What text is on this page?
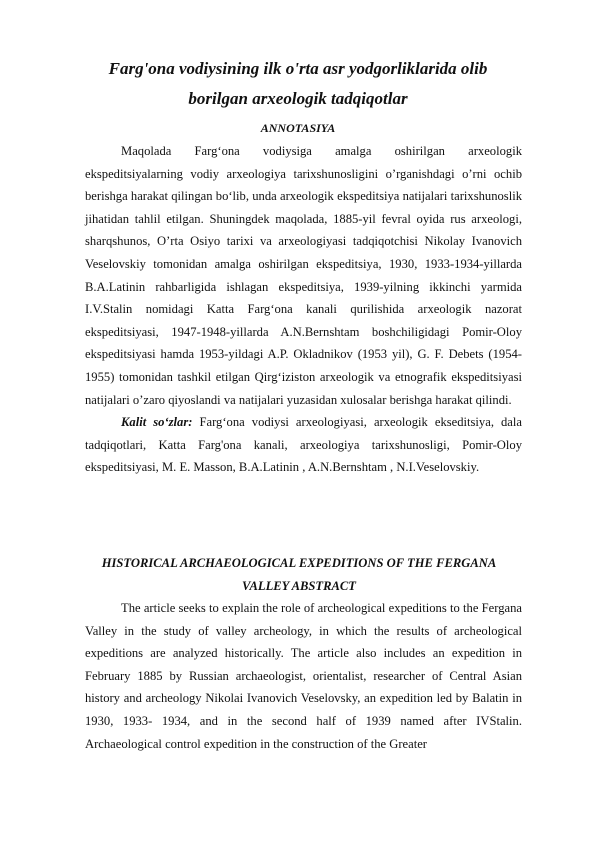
Farg'ona vodiysining ilk o'rta asr yodgorliklarida olib
borilgan arxeologik tadqiqotlar
ANNOTASIYA

Maqolada Farg‘ona vodiysiga amalga oshirilgan arxeologik ekspeditsiyalarning vodiy arxeologiya tarixshunosligini o’rganishdagi o’rni ochib berishga harakat qilingan bo‘lib, unda arxeologik ekspeditsiya natijalari tarixshunoslik jihatidan tahlil etilgan. Shuningdek maqolada, 1885-yil fevral oyida rus arxeologi, sharqshunos, O’rta Osiyo tarixi va arxeologiyasi tadqiqotchisi Nikolay Ivanovich Veselovskiy tomonidan amalga oshirilgan ekspeditsiya, 1930, 1933-1934-yillarda B.A.Latinin rahbarligida ishlagan ekspeditsiya, 1939-yilning ikkinchi yarmida I.V.Stalin nomidagi Katta Farg‘ona kanali qurilishida arxeologik nazorat ekspeditsiyasi, 1947-1948-yillarda A.N.Bernshtam boshchiligidagi Pomir-Oloy ekspeditsiyasi hamda 1953-yildagi A.P. Okladnikov (1953 yil), G. F. Debets (1954-1955) tomonidan tashkil etilgan Qirg‘iziston arxeologik va etnografik ekspeditsiyasi natijalari o’zaro qiyoslandi va natijalari yuzasidan xulosalar berishga harakat qilindi.

Kalit so‘zlar: Farg‘ona vodiysi arxeologiyasi, arxeologik ekseditsiya, dala tadqiqotlari, Katta Farg'ona kanali, arxeologiya tarixshunosligi, Pomir-Oloy ekspeditsiyasi, M. E. Masson, B.A.Latinin , A.N.Bernshtam , N.I.Veselovskiy.

HISTORICAL ARCHAEOLOGICAL EXPEDITIONS OF THE FERGANA
VALLEY ABSTRACT

The article seeks to explain the role of archeological expeditions to the Fergana Valley in the study of valley archeology, in which the results of archeological expeditions are analyzed historically. The article also includes an expedition in February 1885 by Russian archaeologist, orientalist, researcher of Central Asian history and archeology Nikolai Ivanovich Veselovsky, an expedition led by Balatin in 1930, 1933- 1934, and in the second half of 1939 named after IVStalin. Archaeological control expedition in the construction of the Greater
